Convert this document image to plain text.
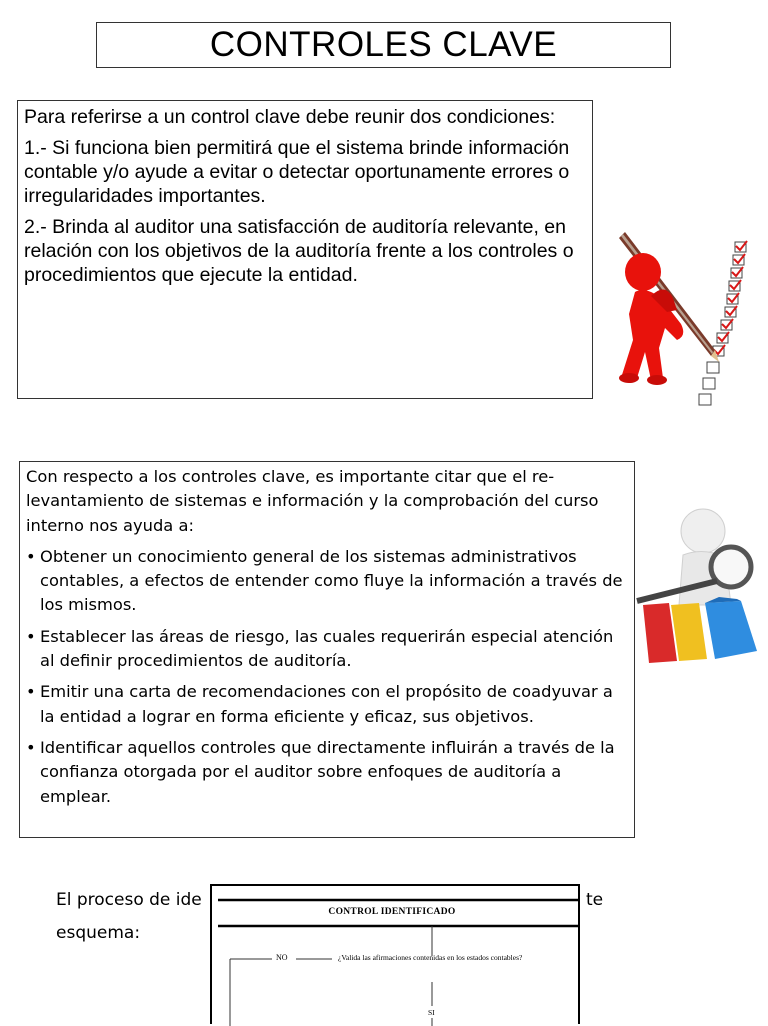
CONTROLES CLAVE

Para referirse a un control clave debe reunir dos condiciones:

1.- Si funciona bien permitirá que el sistema brinde información contable y/o ayude a evitar o detectar oportunamente errores o irregularidades importantes.

2.- Brinda al auditor una satisfacción de auditoría relevante, en relación con los objetivos de la auditoría frente a los controles o procedimientos que ejecute la entidad.

Con respecto a los controles clave, es importante citar que el re-levantamiento de sistemas e información y la comprobación del curso interno nos ayuda a:

• Obtener un conocimiento general de los sistemas administrativos contables, a efectos de entender como fluye la información a través de los mismos.
• Establecer las áreas de riesgo, las cuales requerirán especial atención al definir procedimientos de auditoría.
• Emitir una carta de recomendaciones con el propósito de coadyuvar a la entidad a lograr en forma eficiente y eficaz, sus objetivos.
• Identificar aquellos controles que directamente influirán a través de la confianza otorgada por el auditor sobre enfoques de auditoría a emplear.
El proceso de ide
esquema:
te
CONTROL IDENTIFICADO
NO	¿Valida las afirmaciones contenidas en los estados contables?
SI
